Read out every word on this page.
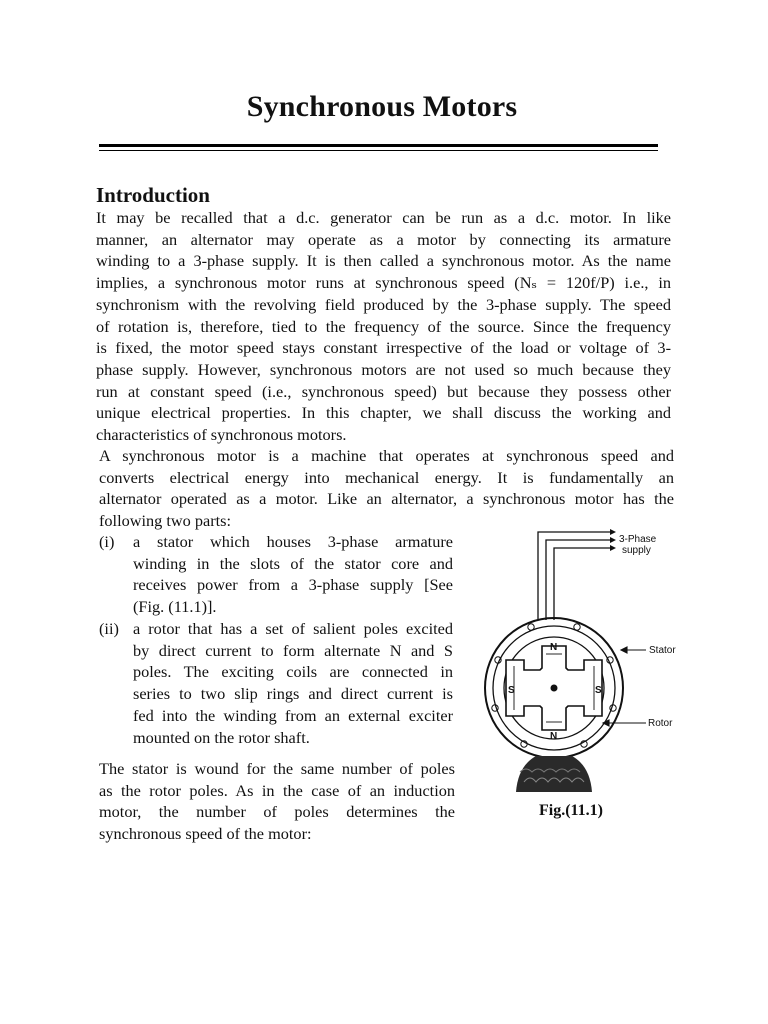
Synchronous Motors
Introduction

It may be recalled that a d.c. generator can be run as a d.c. motor. In like
manner, an alternator may operate as a motor by connecting its armature
winding to a 3-phase supply. It is then called a synchronous motor. As the name
implies, a synchronous motor runs at synchronous speed (Nₛ = 120f/P) i.e., in
synchronism with the revolving field produced by the 3-phase supply. The speed
of rotation is, therefore, tied to the frequency of the source. Since the frequency
is fixed, the motor speed stays constant irrespective of the load or voltage of 3-
phase supply. However, synchronous motors are not used so much because they
run at constant speed (i.e., synchronous speed) but because they possess other
unique electrical properties. In this chapter, we shall discuss the working and
characteristics of synchronous motors.

A synchronous motor is a machine that operates at synchronous speed and
converts electrical energy into mechanical energy. It is fundamentally an
alternator operated as a motor. Like an alternator, a synchronous motor has the
following two parts:

(i) a stator which houses 3-phase armature
winding in the slots of the stator core and
receives power from a 3-phase supply [See
(Fig. (11.1)].
(ii) a rotor that has a set of salient poles excited
by direct current to form alternate N and S
poles. The exciting coils are connected in
series to two slip rings and direct current is
fed into the winding from an external exciter
mounted on the rotor shaft.

The stator is wound for the same number of poles
as the rotor poles. As in the case of an induction
motor, the number of poles determines the
synchronous speed of the motor:

N
N
S	S
3-Phase
supply
Stator
Rotor

Fig.(11.1)
